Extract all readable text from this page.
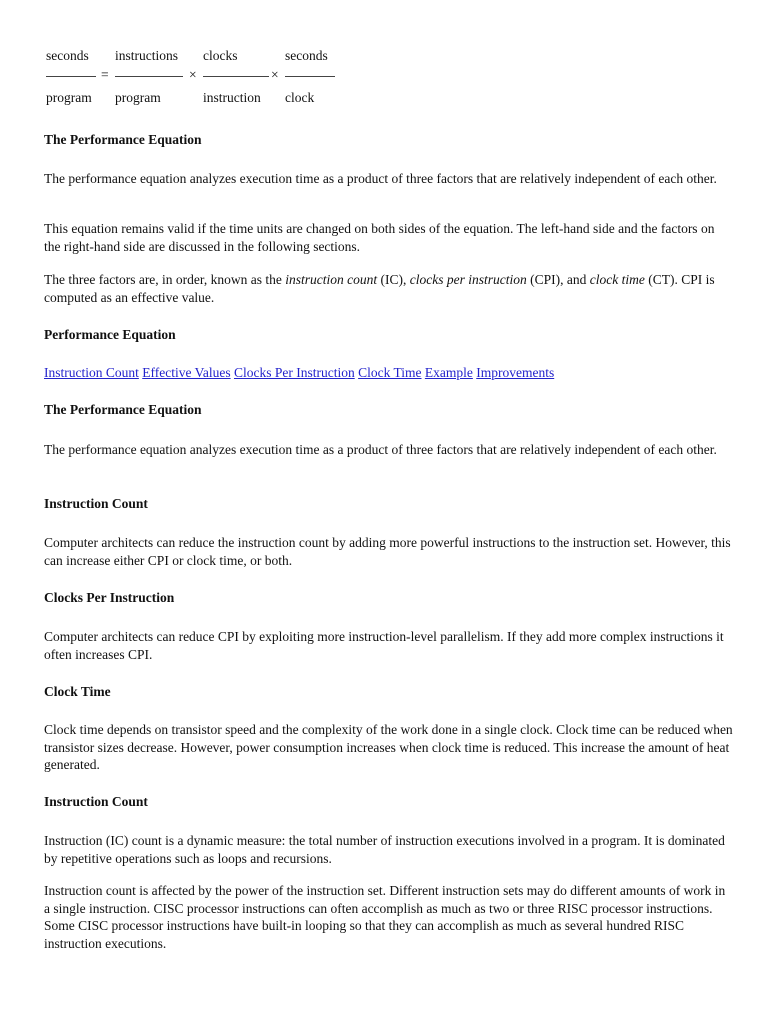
seconds
program
=
instructions
program
×
clocks
instruction
×
seconds
clock
The Performance Equation

The performance equation analyzes execution time as a product of three factors that are relatively independent of each other.

This equation remains valid if the time units are changed on both sides of the equation. The left-hand side and the factors on the right-hand side are discussed in the following sections.

The three factors are, in order, known as the instruction count (IC), clocks per instruction (CPI), and clock time (CT). CPI is computed as an effective value.

Performance Equation
Instruction Count Effective Values Clocks Per Instruction Clock Time Example Improvements
The Performance Equation

The performance equation analyzes execution time as a product of three factors that are relatively independent of each other.

Instruction Count

Computer architects can reduce the instruction count by adding more powerful instructions to the instruction set. However, this can increase either CPI or clock time, or both.

Clocks Per Instruction

Computer architects can reduce CPI by exploiting more instruction-level parallelism. If they add more complex instructions it often increases CPI.

Clock Time

Clock time depends on transistor speed and the complexity of the work done in a single clock. Clock time can be reduced when transistor sizes decrease. However, power consumption increases when clock time is reduced. This increase the amount of heat generated.

Instruction Count

Instruction (IC) count is a dynamic measure: the total number of instruction executions involved in a program. It is dominated by repetitive operations such as loops and recursions.

Instruction count is affected by the power of the instruction set. Different instruction sets may do different amounts of work in a single instruction. CISC processor instructions can often accomplish as much as two or three RISC processor instructions. Some CISC processor instructions have built-in looping so that they can accomplish as much as several hundred RISC instruction executions.
